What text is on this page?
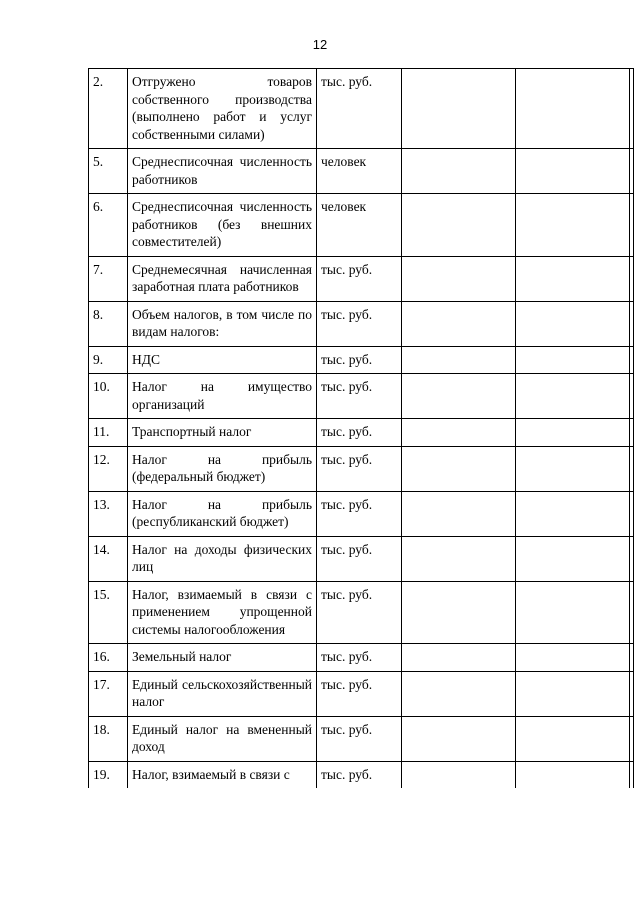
12
2.	Отгружено товаров собственного производства (выполнено работ и услуг собственными силами)	тыс. руб.			
5.	Среднесписочная численность работников	человек			
6.	Среднесписочная численность работников (без внешних совместителей)	человек			
7.	Среднемесячная начисленная заработная плата работников	тыс. руб.			
8.	Объем налогов, в том числе по видам налогов:	тыс. руб.			
9.	НДС	тыс. руб.			
10.	Налог на имущество организаций	тыс. руб.			
11.	Транспортный налог	тыс. руб.			
12.	Налог на прибыль (федеральный бюджет)	тыс. руб.			
13.	Налог на прибыль (республиканский бюджет)	тыс. руб.			
14.	Налог на доходы физических лиц	тыс. руб.			
15.	Налог, взимаемый в связи с применением упрощенной системы налогообложения	тыс. руб.			
16.	Земельный налог	тыс. руб.			
17.	Единый сельскохозяйственный налог	тыс. руб.			
18.	Единый налог на вмененный доход	тыс. руб.			
19.	Налог, взимаемый в связи с	тыс. руб.			
